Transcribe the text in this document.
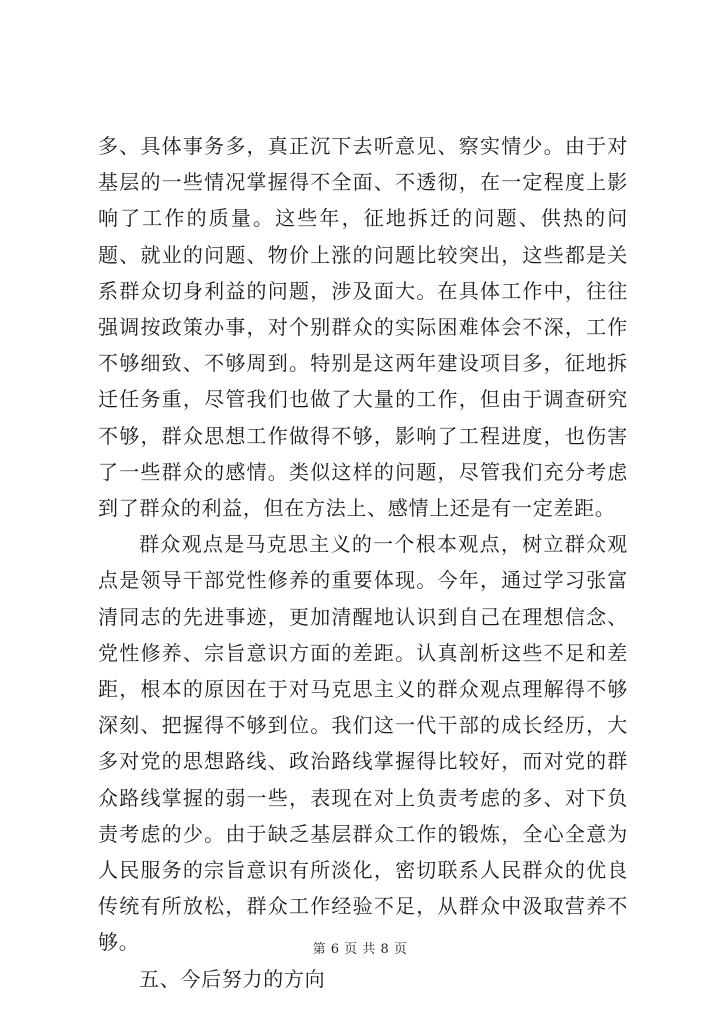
多、具体事务多，真正沉下去听意见、察实情少。由于对基层的一些情况掌握得不全面、不透彻，在一定程度上影响了工作的质量。这些年，征地拆迁的问题、供热的问题、就业的问题、物价上涨的问题比较突出，这些都是关系群众切身利益的问题，涉及面大。在具体工作中，往往强调按政策办事，对个别群众的实际困难体会不深，工作不够细致、不够周到。特别是这两年建设项目多，征地拆迁任务重，尽管我们也做了大量的工作，但由于调查研究不够，群众思想工作做得不够，影响了工程进度，也伤害了一些群众的感情。类似这样的问题，尽管我们充分考虑到了群众的利益，但在方法上、感情上还是有一定差距。

群众观点是马克思主义的一个根本观点，树立群众观点是领导干部党性修养的重要体现。今年，通过学习张富清同志的先进事迹，更加清醒地认识到自己在理想信念、党性修养、宗旨意识方面的差距。认真剖析这些不足和差距，根本的原因在于对马克思主义的群众观点理解得不够深刻、把握得不够到位。我们这一代干部的成长经历，大多对党的思想路线、政治路线掌握得比较好，而对党的群众路线掌握的弱一些，表现在对上负责考虑的多、对下负责考虑的少。由于缺乏基层群众工作的锻炼，全心全意为人民服务的宗旨意识有所淡化，密切联系人民群众的优良传统有所放松，群众工作经验不足，从群众中汲取营养不够。

五、今后努力的方向

第 6 页 共 8 页
